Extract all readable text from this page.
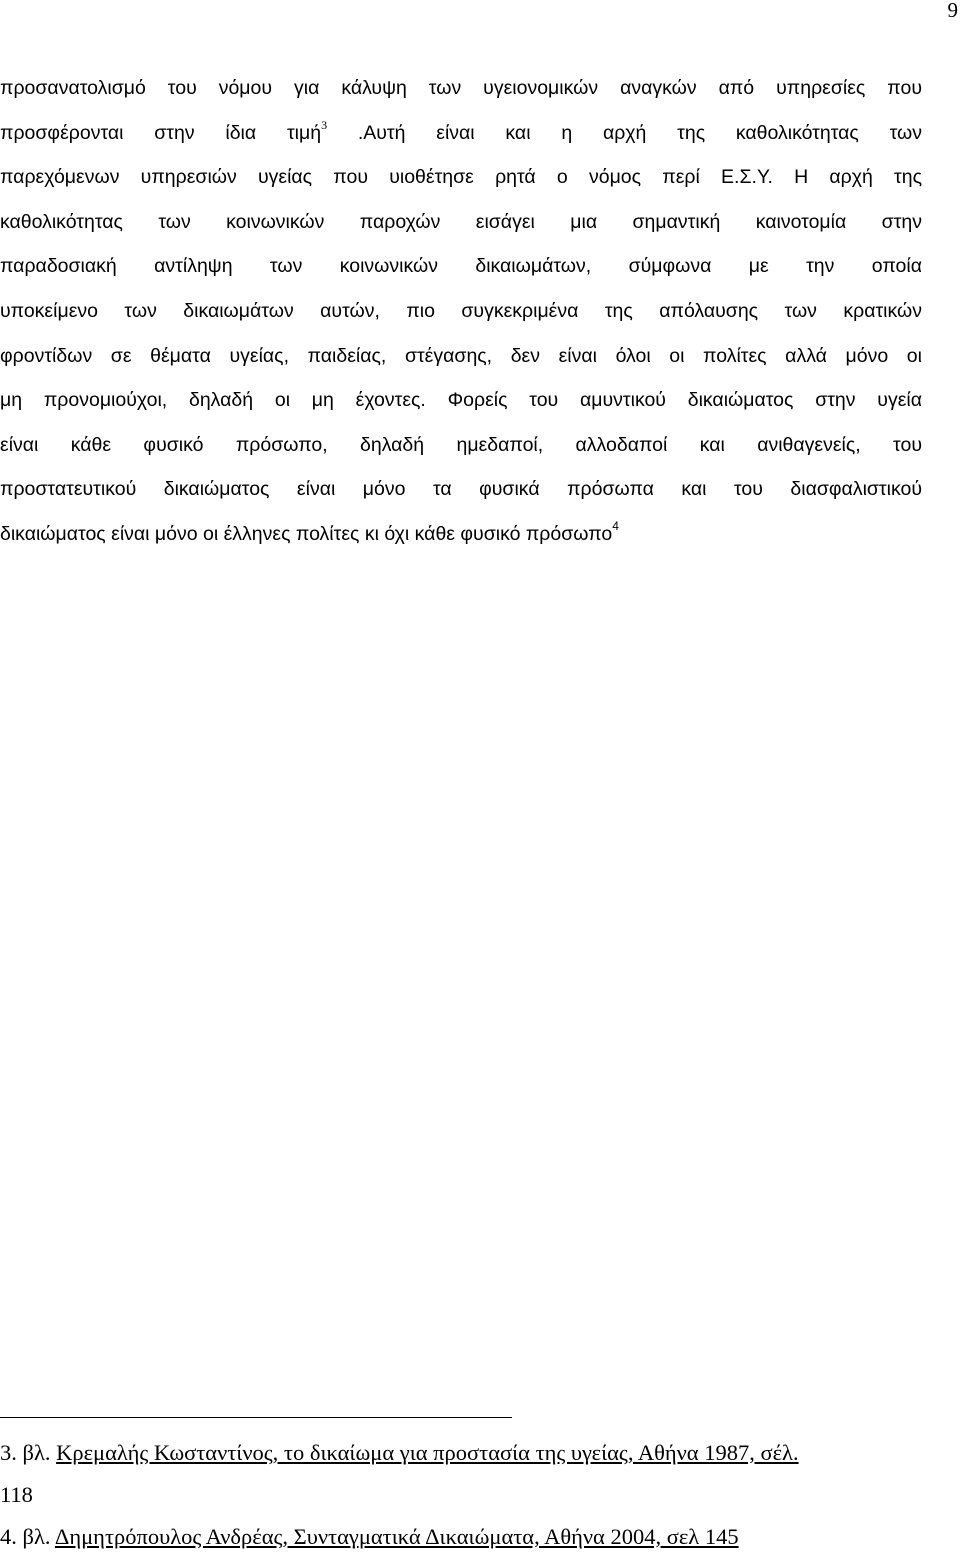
9
προσανατολισμό του νόμου για κάλυψη των υγειονομικών αναγκών από υπηρεσίες που
προσφέρονται στην ίδια τιμή$^3$ .Αυτή είναι και η αρχή της καθολικότητας των
παρεχόμενων υπηρεσιών υγείας που υιοθέτησε ρητά ο νόμος περί Ε.Σ.Υ. Η αρχή της
καθολικότητας των κοινωνικών παροχών εισάγει μια σημαντική καινοτομία στην
παραδοσιακή αντίληψη των κοινωνικών δικαιωμάτων, σύμφωνα με την οποία
υποκείμενο των δικαιωμάτων αυτών, πιο συγκεκριμένα της απόλαυσης των κρατικών
φροντίδων σε θέματα υγείας, παιδείας, στέγασης, δεν είναι όλοι οι πολίτες αλλά μόνο οι
μη προνομιούχοι, δηλαδή οι μη έχοντες. Φορείς του αμυντικού δικαιώματος στην υγεία
είναι κάθε φυσικό πρόσωπο, δηλαδή ημεδαποί, αλλοδαποί και ανιθαγενείς, του
προστατευτικού δικαιώματος είναι μόνο τα φυσικά πρόσωπα και του διασφαλιστικού
δικαιώματος είναι μόνο οι έλληνες πολίτες κι όχι κάθε φυσικό πρόσωπο$^4$
3. βλ. Κρεμαλής Κωσταντίνος, το δικαίωμα για προστασία της υγείας, Αθήνα 1987, σέλ.
118
4. βλ. Δημητρόπουλος Ανδρέας, Συνταγματικά Δικαιώματα, Αθήνα 2004, σελ 145
